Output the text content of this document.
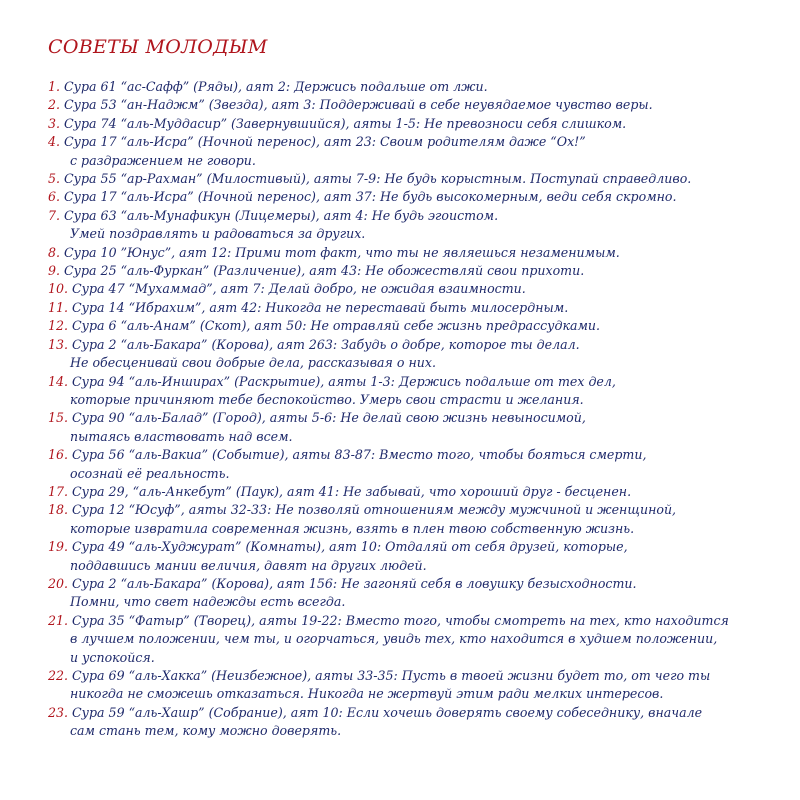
СОВЕТЫ МОЛОДЫМ
1. Сура 61 “ас-Сафф” (Ряды), аят 2: Держись подальше от лжи.
2. Сура 53 “ан-Наджм” (Звезда), аят 3: Поддерживай в себе неувядаемое чувство веры.
3. Сура 74 “аль-Муддасир” (Завернувшийся), аяты 1-5: Не превозноси себя слишком.
4. Сура 17 “аль-Исра” (Ночной перенос), аят 23: Своим родителям даже “Ох!”
с раздражением не говори.
5. Сура 55 “ар-Рахман” (Милостивый), аяты 7-9: Не будь корыстным. Поступай справедливо.
6. Сура 17 “аль-Исра” (Ночной перенос), аят 37: Не будь высокомерным, веди себя скромно.
7. Сура 63 “аль-Мунафикун (Лицемеры), аят 4: Не будь эгоистом.
Умей поздравлять и радоваться за других.
8. Сура 10 ”Юнус”, аят 12: Прими тот факт, что ты не являешься незаменимым.
9. Сура 25 “аль-Фуркан” (Различение), аят 43: Не обожествляй свои прихоти.
10. Сура 47 “Мухаммад”, аят 7: Делай добро, не ожидая взаимности.
11. Сура 14 “Ибрахим”, аят 42: Никогда не переставай быть милосердным.
12. Сура 6 “аль-Анам” (Скот), аят 50: Не отравляй себе жизнь предрассудками.
13. Сура 2 “аль-Бакара” (Корова), аят 263: Забудь о добре, которое ты делал.
Не обесценивай свои добрые дела, рассказывая о них.
14. Сура 94 “аль-Инширах” (Раскрытие), аяты 1-3: Держись подальше от тех дел,
которые причиняют тебе беспокойство. Умерь свои страсти и желания.
15. Сура 90 “аль-Балад” (Город), аяты 5-6: Не делай свою жизнь невыносимой,
пытаясь властвовать над всем.
16. Сура 56 “аль-Вакиа” (Событие), аяты 83-87: Вместо того, чтобы бояться смерти,
осознай её реальность.
17. Сура 29, “аль-Анкебут” (Паук), аят 41: Не забывай, что хороший друг - бесценен.
18. Сура 12 “Юсуф”, аяты 32-33: Не позволяй отношениям между мужчиной и женщиной,
которые извратила современная жизнь, взять в плен твою собственную жизнь.
19. Сура 49 “аль-Худжурат” (Комнаты), аят 10: Отдаляй от себя друзей, которые,
поддавшись мании величия, давят на других людей.
20. Сура 2 “аль-Бакара” (Корова), аят 156: Не загоняй себя в ловушку безысходности.
Помни, что свет надежды есть всегда.
21. Сура 35 “Фатыр” (Творец), аяты 19-22: Вместо того, чтобы смотреть на тех, кто находится
в лучшем положении, чем ты, и огорчаться, увидь тех, кто находится в худшем положении,
и успокойся.
22. Сура 69 “аль-Хакка” (Неизбежное), аяты 33-35: Пусть в твоей жизни будет то, от чего ты
никогда не сможешь отказаться. Никогда не жертвуй этим ради мелких интересов.
23. Сура 59 “аль-Хашр” (Собрание), аят 10: Если хочешь доверять своему собеседнику, вначале
сам стань тем, кому можно доверять.
